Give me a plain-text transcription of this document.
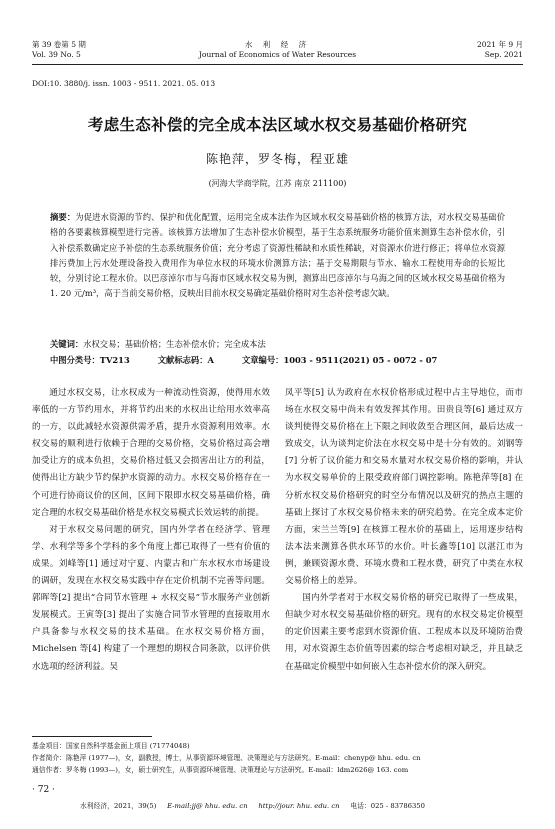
第 39 卷第 5 期
Vol. 39 No. 5
水 利 经 济
Journal of Economics of Water Resources
2021 年 9 月
Sep. 2021
DOI:10. 3880/j. issn. 1003 - 9511. 2021. 05. 013
考虑生态补偿的完全成本法区域水权交易基础价格研究
陈艳萍，罗冬梅，程亚雄
(河海大学商学院，江苏 南京 211100)
摘要：为促进水资源的节约、保护和优化配置，运用完全成本法作为区域水权交易基础价格的核算方法，对水权交易基础价格的各要素核算模型进行完善。该核算方法增加了生态补偿水价模型，基于生态系统服务功能价值来测算生态补偿水价，引入补偿系数确定应予补偿的生态系统服务价值；充分考虑了资源性稀缺和水质性稀缺，对资源水价进行修正；将单位水资源排污费加上污水处理设备投入费用作为单位水权的环境水价测算方法；基于交易期限与节水、输水工程使用寿命的长短比较，分别讨论工程水价。以巴彦淖尔市与乌海市区域水权交易为例，测算出巴彦淖尔与乌海之间的区域水权交易基础价格为 1. 20 元/m³，高于当前交易价格，反映出目前水权交易确定基础价格时对生态补偿考虑欠缺。
关键词：水权交易；基础价格；生态补偿水价；完全成本法
中图分类号：TV213	文献标志码：A	文章编号：1003 - 9511(2021) 05 - 0072 - 07

通过水权交易，让水权成为一种流动性资源，使得用水效率低的一方节约用水，并将节约出来的水权出让给用水效率高的一方，以此减轻水资源供需矛盾，提升水资源利用效率。水权交易的顺利进行依赖于合理的交易价格，交易价格过高会增加受让方的成本负担，交易价格过低又会损害出让方的利益，使得出让方缺少节约保护水资源的动力。水权交易价格存在一个可进行协商议价的区间，区间下限即水权交易基础价格，确定合理的水权交易基础价格是水权交易模式长效运转的前提。

对于水权交易问题的研究，国内外学者在经济学、管理学、水利学等多个学科的多个角度上都已取得了一些有价值的成果。刘峰等[1] 通过对宁夏、内蒙古和广东水权水市场建设的调研，发现在水权交易实践中存在定价机制不完善等问题。郭晖等[2] 提出“合同节水管理 + 水权交易”节水服务产业创新发展模式。王寅等[3] 提出了实施合同节水管理的直接取用水户具备参与水权交易的技术基础。在水权交易价格方面，Michelsen 等[4] 构建了一个理想的期权合同条款，以评价供水选项的经济利益。吴

凤平等[5] 认为政府在水权价格形成过程中占主导地位，而市场在水权交易中尚未有效发挥其作用。田贵良等[6] 通过双方谈判使得交易价格在上下限之间收敛至合理区间，最后达成一致成交，认为谈判定价法在水权交易中是十分有效的。刘钢等[7] 分析了议价能力和交易水量对水权交易价格的影响，并认为水权交易单价的上限受政府部门调控影响。陈艳萍等[8] 在分析水权交易价格研究的时空分布情况以及研究的热点主题的基础上探讨了水权交易价格未来的研究趋势。在完全成本定价方面，宋兰兰等[9] 在核算工程水价的基础上，运用逐步结构法本法来测算各供水环节的水价。叶长鑫等[10] 以湛江市为例，兼顾资源水费、环境水费和工程水费，研究了中类在水权交易价格上的差异。

国内外学者对于水权交易价格的研究已取得了一些成果，但缺少对水权交易基础价格的研究。现有的水权交易定价模型的定价因素主要考虑到水资源价值、工程成本以及环境防治费用，对水资源生态价值等因素的综合考虑相对缺乏，并且缺乏在基础定价模型中如何嵌入生态补偿水价的深入研究。

基金项目：国家自然科学基金面上项目 (71774048)
作者简介：陈艳萍 (1977—)，女，副教授，博士，从事资源环境管理、决策理论与方法研究。E-mail：chenyp@ hhu. edu. cn
通信作者：罗冬梅 (1993—)，女，硕士研究生，从事资源环境管理、决策理论与方法研究。E-mail：ldm2626@ 163. com
· 72 ·
水利经济，2021，39(5) E-mail:jj@ hhu. edu. cn http://jour. hhu. edu. cn 电话：025 - 83786350
